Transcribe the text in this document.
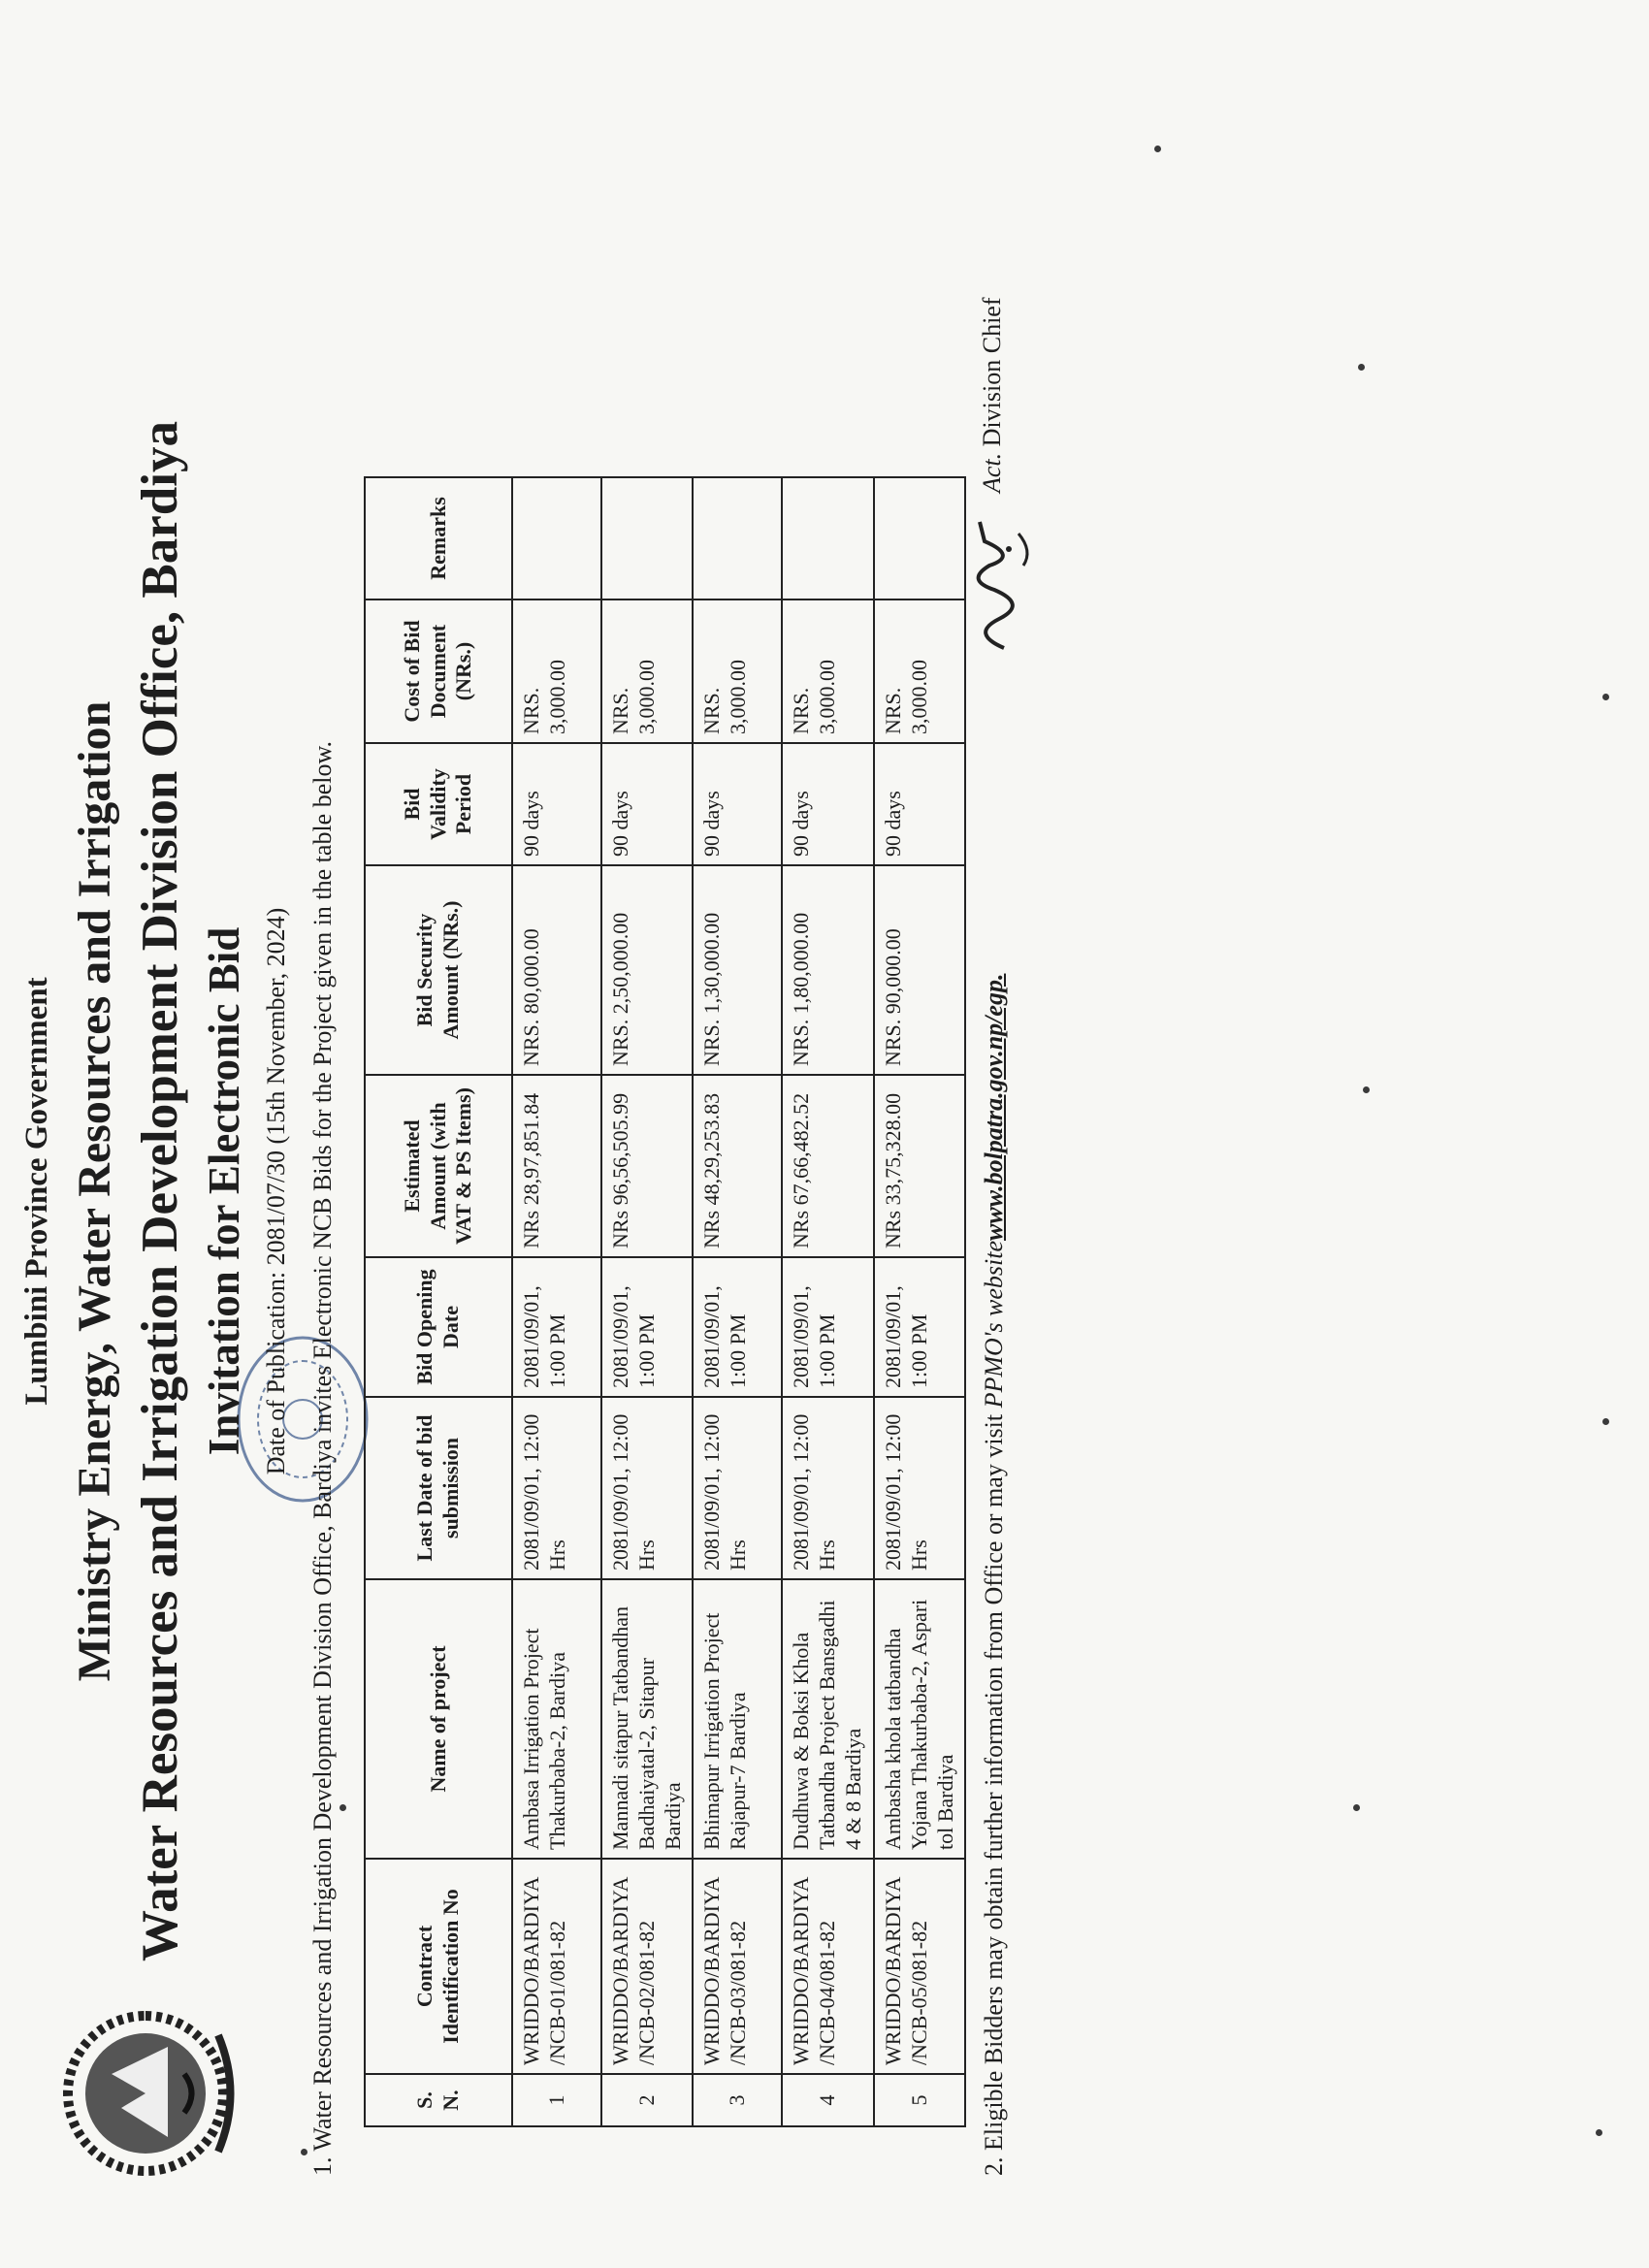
Lumbini Province Government Ministry Energy, Water Resources and Irrigation Water Resources and Irrigation Development Division Office, Bardiya Invitation for Electronic Bid Date of Publication: 2081/07/30 (15th November, 2024) 1. Water Resources and Irrigation Development Division Office, Bardiya invites Electronic NCB Bids for the Project given in the table below.	S. N.	Contract Identification No	Name of project	Last Date of bid submission	Bid Opening Date	Estimated Amount (with VAT & PS Items)	Bid Security Amount (NRs.)	Bid Validity Period	Cost of Bid Document (NRs.)	Remarks
1	WRIDDO/BARDIYA /NCB-01/081-82	Ambasa Irrigation Project Thakurbaba-2, Bardiya	2081/09/01, 12:00 Hrs	2081/09/01, 1:00 PM	NRs 28,97,851.84	NRS. 80,000.00	90 days	NRS. 3,000.00	
2	WRIDDO/BARDIYA /NCB-02/081-82	Mannadi sitapur Tatbandhan Badhaiyatal-2, Sitapur Bardiya	2081/09/01, 12:00 Hrs	2081/09/01, 1:00 PM	NRs 96,56,505.99	NRS. 2,50,000.00	90 days	NRS. 3,000.00	
3	WRIDDO/BARDIYA /NCB-03/081-82	Bhimapur Irrigation Project Rajapur-7 Bardiya	2081/09/01, 12:00 Hrs	2081/09/01, 1:00 PM	NRs 48,29,253.83	NRS. 1,30,000.00	90 days	NRS. 3,000.00	
4	WRIDDO/BARDIYA /NCB-04/081-82	Dudhuwa & Boksi Khola Tatbandha Project Bansgadhi 4 & 8 Bardiya	2081/09/01, 12:00 Hrs	2081/09/01, 1:00 PM	NRs 67,66,482.52	NRS. 1,80,000.00	90 days	NRS. 3,000.00	
5	WRIDDO/BARDIYA /NCB-05/081-82	Ambasha khola tatbandha Yojana Thakurbaba-2, Aspari tol Bardiya	2081/09/01, 12:00 Hrs	2081/09/01, 1:00 PM	NRs 33,75,328.00	NRS. 90,000.00	90 days	NRS. 3,000.00	
2. Eligible Bidders may obtain further information from Office or may visit PPMO's websitewww.bolpatra.gov.np/egp.
Act. Division Chief
